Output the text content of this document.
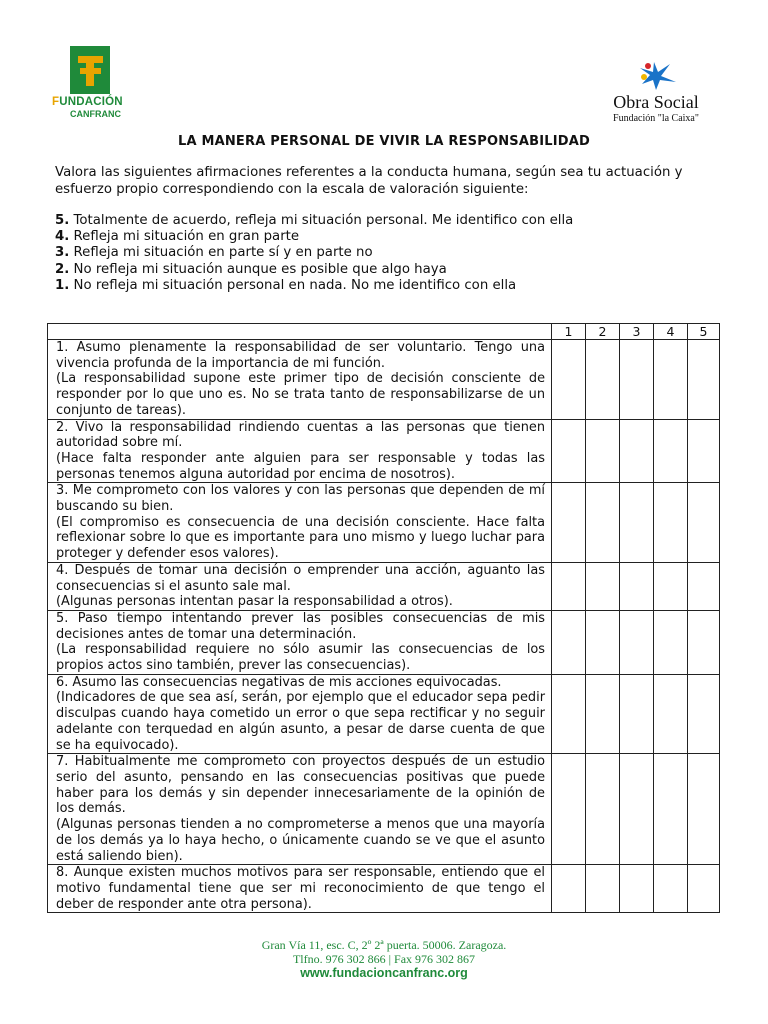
FUNDACIÓN
CANFRANC
Obra Social
Fundación "la Caixa"
LA MANERA PERSONAL DE VIVIR LA RESPONSABILIDAD
Valora las siguientes afirmaciones referentes a la conducta humana, según sea tu actuación y esfuerzo propio correspondiendo con la escala de valoración siguiente:
5. Totalmente de acuerdo, refleja mi situación personal. Me identifico con ella
4. Refleja mi situación en gran parte
3. Refleja mi situación en parte sí y en parte no
2. No refleja mi situación aunque es posible que algo haya
1. No refleja mi situación personal en nada. No me identifico con ella
	1	2	3	4	5

1. Asumo plenamente la responsabilidad de ser voluntario. Tengo una vivencia profunda de la importancia de mi función.

(La responsabilidad supone este primer tipo de decisión consciente de responder por lo que uno es. No se trata tanto de responsabilizarse de un conjunto de tareas).					

2. Vivo la responsabilidad rindiendo cuentas a las personas que tienen autoridad sobre mí.

(Hace falta responder ante alguien para ser responsable y todas las personas tenemos alguna autoridad por encima de nosotros).					

3. Me comprometo con los valores y con las personas que dependen de mí buscando su bien.

(El compromiso es consecuencia de una decisión consciente. Hace falta reflexionar sobre lo que es importante para uno mismo y luego luchar para proteger y defender esos valores).					

4. Después de tomar una decisión o emprender una acción, aguanto las consecuencias si el asunto sale mal.

(Algunas personas intentan pasar la responsabilidad a otros).					

5. Paso tiempo intentando prever las posibles consecuencias de mis decisiones antes de tomar una determinación.

(La responsabilidad requiere no sólo asumir las consecuencias de los propios actos sino también, prever las consecuencias).					

6. Asumo las consecuencias negativas de mis acciones equivocadas.

(Indicadores de que sea así, serán, por ejemplo que el educador sepa pedir disculpas cuando haya cometido un error o que sepa rectificar y no seguir adelante con terquedad en algún asunto, a pesar de darse cuenta de que se ha equivocado).					

7. Habitualmente me comprometo con proyectos después de un estudio serio del asunto, pensando en las consecuencias positivas que puede haber para los demás y sin depender innecesariamente de la opinión de los demás.

(Algunas personas tienden a no comprometerse a menos que una mayoría de los demás ya lo haya hecho, o únicamente cuando se ve que el asunto está saliendo bien).					

8. Aunque existen muchos motivos para ser responsable, entiendo que el motivo fundamental tiene que ser mi reconocimiento de que tengo el deber de responder ante otra persona).					

Gran Vía 11, esc. C, 2º 2ª puerta. 50006. Zaragoza.
Tlfno. 976 302 866 | Fax 976 302 867
www.fundacioncanfranc.org
